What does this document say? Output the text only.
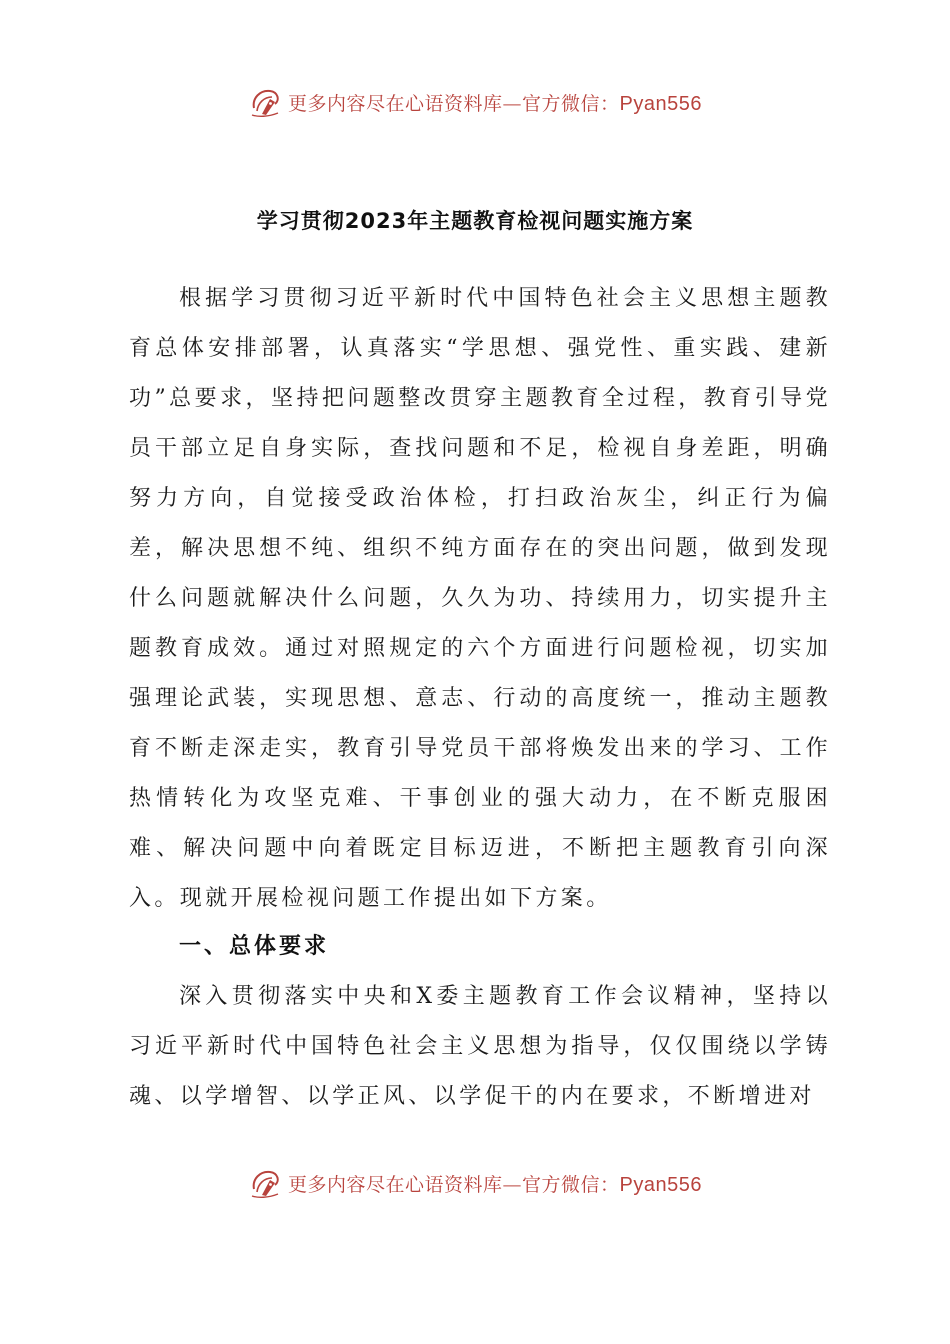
更多内容尽在心语资料库—官方微信：Pyan556
学习贯彻2023年主题教育检视问题实施方案

根据学习贯彻习近平新时代中国特色社会主义思想主题教育总体安排部署，认真落实“学思想、强党性、重实践、建新功”总要求，坚持把问题整改贯穿主题教育全过程，教育引导党员干部立足自身实际，查找问题和不足，检视自身差距，明确努力方向，自觉接受政治体检，打扫政治灰尘，纠正行为偏差，解决思想不纯、组织不纯方面存在的突出问题，做到发现什么问题就解决什么问题，久久为功、持续用力，切实提升主题教育成效。通过对照规定的六个方面进行问题检视，切实加强理论武装，实现思想、意志、行动的高度统一，推动主题教育不断走深走实，教育引导党员干部将焕发出来的学习、工作热情转化为攻坚克难、干事创业的强大动力，在不断克服困难、解决问题中向着既定目标迈进，不断把主题教育引向深入。现就开展检视问题工作提出如下方案。

一、总体要求

深入贯彻落实中央和X委主题教育工作会议精神，坚持以习近平新时代中国特色社会主义思想为指导，仅仅围绕以学铸魂、以学增智、以学正风、以学促干的内在要求，不断增进对

更多内容尽在心语资料库—官方微信：Pyan556
